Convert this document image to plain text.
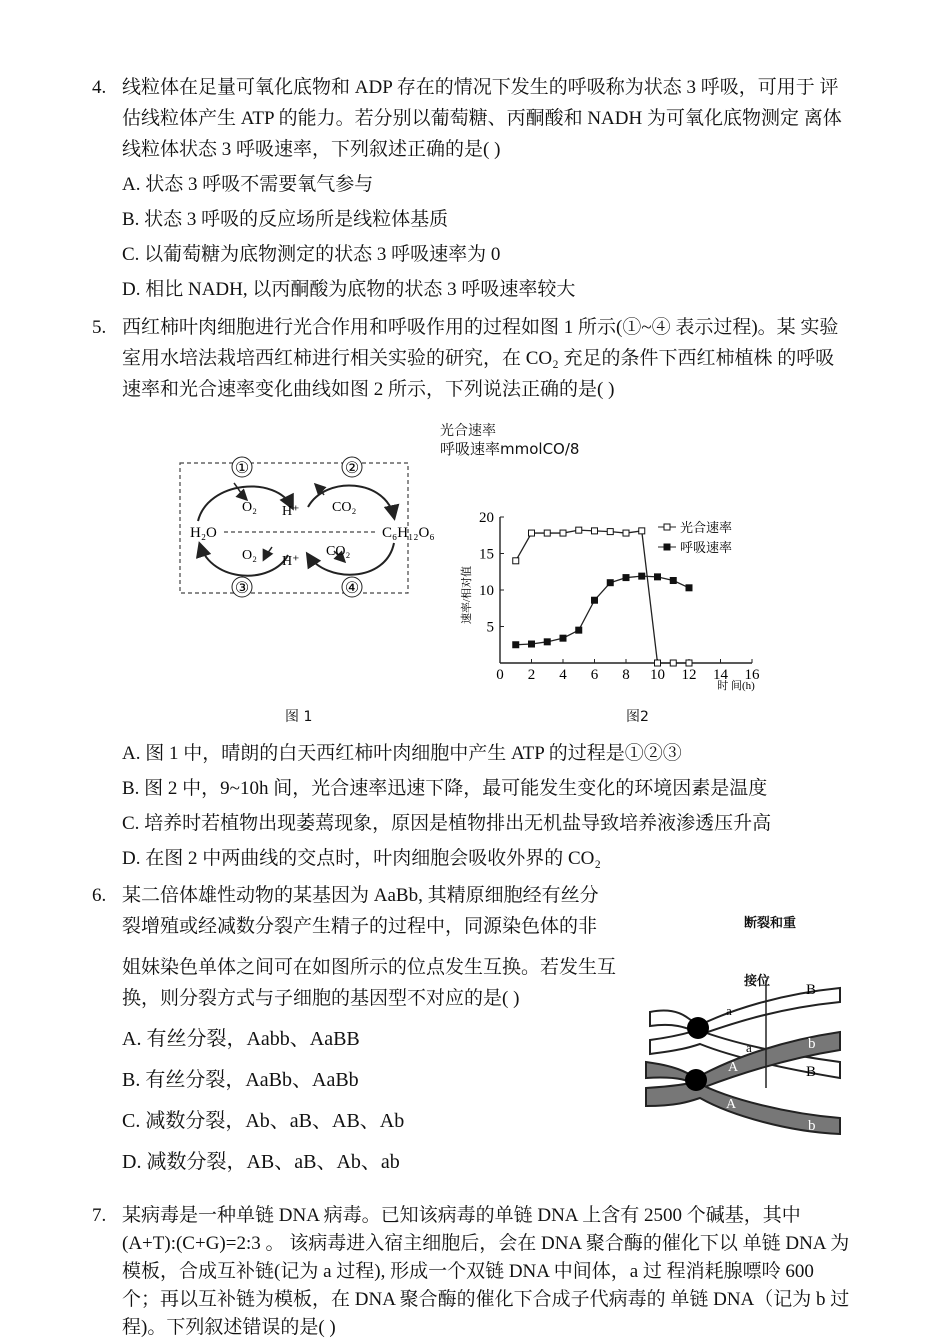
4. 线粒体在足量可氧化底物和 ADP 存在的情况下发生的呼吸称为状态 3 呼吸，可用于 评估线粒体产生 ATP 的能力。若分别以葡萄糖、丙酮酸和 NADH 为可氧化底物测定 离体线粒体状态 3 呼吸速率，下列叙述正确的是( )
A. 状态 3 呼吸不需要氧气参与
B. 状态 3 呼吸的反应场所是线粒体基质
C. 以葡萄糖为底物测定的状态 3 呼吸速率为 0
D. 相比 NADH, 以丙酮酸为底物的状态 3 呼吸速率较大
5. 西红柿叶肉细胞进行光合作用和呼吸作用的过程如图 1 所示(①~④ 表示过程)。某 实验室用水培法栽培西红柿进行相关实验的研究，在 CO₂ 充足的条件下西红柿植株 的呼吸速率和光合速率变化曲线如图 2 所示，下列说法正确的是( )
①	②
③	④
H₂O	C₆H₁₂O₆
O₂ H⁺ CO₂
O₂ H⁺
CO₂
图 1
光合速率
呼吸速率mmolCO/8
速率/相对值
时 间(h)
0 2 4 6 8 10 12 14 16
5
10
15
20
光合速率
呼吸速率
图2
A. 图 1 中，晴朗的白天西红柿叶肉细胞中产生 ATP 的过程是①②③
B. 图 2 中，9~10h 间，光合速率迅速下降，最可能发生变化的环境因素是温度
C. 培养时若植物出现萎蔫现象，原因是植物排出无机盐导致培养液渗透压升高
D. 在图 2 中两曲线的交点时，叶肉细胞会吸收外界的 CO₂
6. 某二倍体雄性动物的某基因为 AaBb, 其精原细胞经有丝分 裂增殖或经减数分裂产生精子的过程中，同源染色体的非
姐妹染色单体之间可在如图所示的位点发生互换。若发生互换，则分裂方式与子细胞的基因型不对应的是( )
A. 有丝分裂，Aabb、AaBB
B. 有丝分裂，AaBb、AaBb
C. 减数分裂，Ab、aB、AB、Ab
D. 减数分裂，AB、aB、Ab、ab
断裂和重
接位
B
a
a	b
A	B
A
b
7. 某病毒是一种单链 DNA 病毒。已知该病毒的单链 DNA 上含有 2500 个碱基，其中 (A+T):(C+G)=2:3 。 该病毒进入宿主细胞后，会在 DNA 聚合酶的催化下以 单链 DNA 为模板，合成互补链(记为 a 过程), 形成一个双链 DNA 中间体，a 过 程消耗腺嘌呤 600 个；再以互补链为模板，在 DNA 聚合酶的催化下合成子代病毒的 单链 DNA（记为 b 过程)。下列叙述错误的是( )
